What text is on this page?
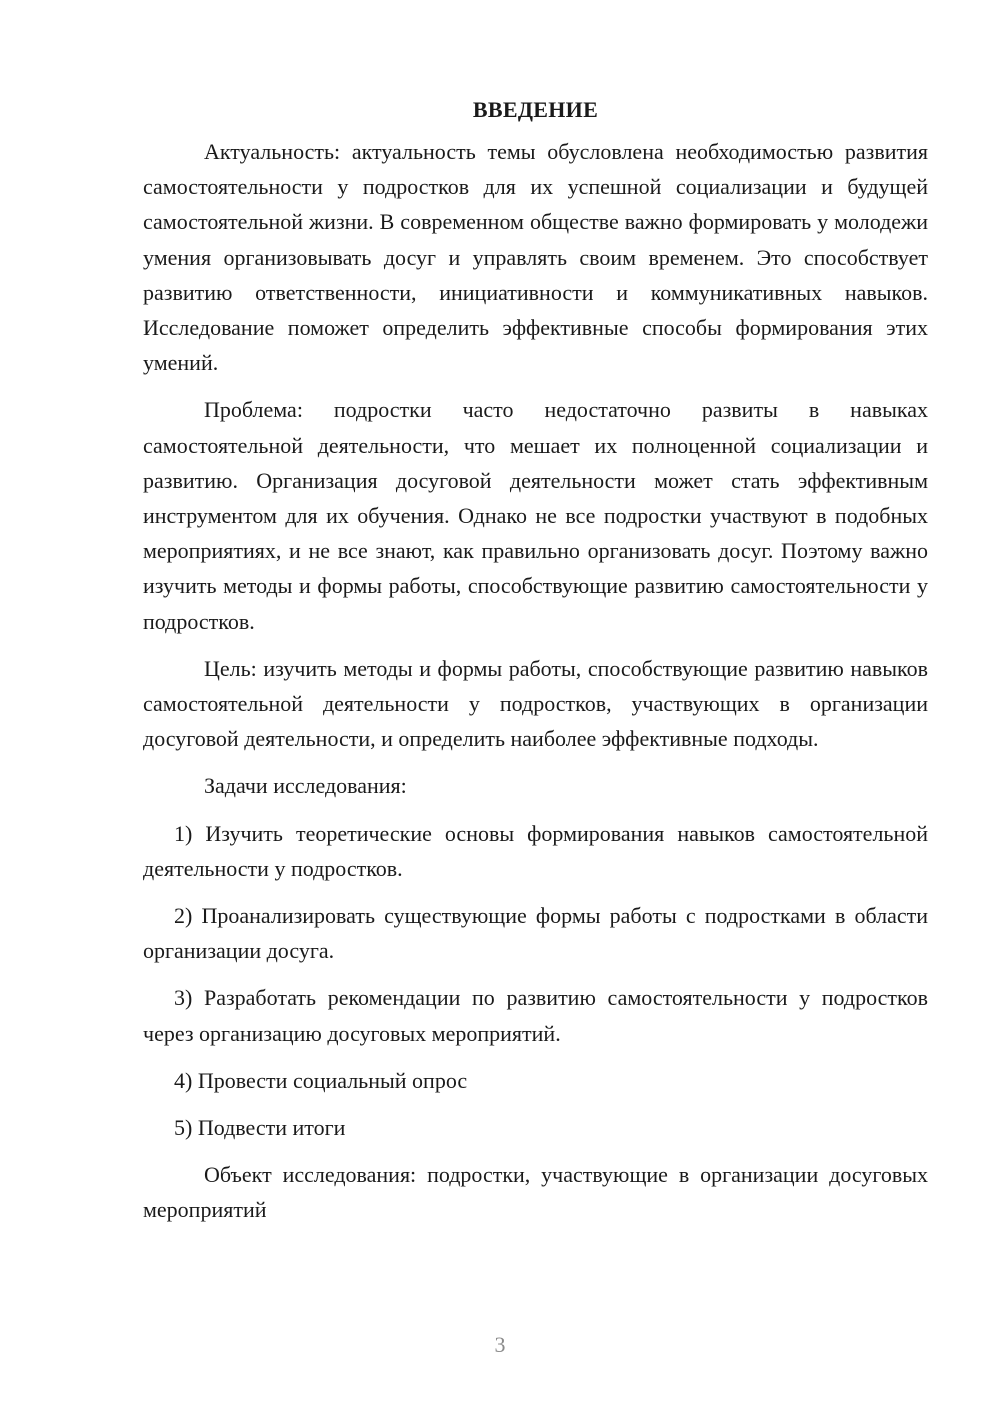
ВВЕДЕНИЕ

Актуальность: актуальность темы обусловлена необходимостью развития самостоятельности у подростков для их успешной социализации и будущей самостоятельной жизни. В современном обществе важно формировать у молодежи умения организовывать досуг и управлять своим временем. Это способствует развитию ответственности, инициативности и коммуникативных навыков. Исследование поможет определить эффективные способы формирования этих умений.

Проблема: подростки часто недостаточно развиты в навыках самостоятельной деятельности, что мешает их полноценной социализации и развитию. Организация досуговой деятельности может стать эффективным инструментом для их обучения. Однако не все подростки участвуют в подобных мероприятиях, и не все знают, как правильно организовать досуг. Поэтому важно изучить методы и формы работы, способствующие развитию самостоятельности у подростков.

Цель: изучить методы и формы работы, способствующие развитию навыков самостоятельной деятельности у подростков, участвующих в организации досуговой деятельности, и определить наиболее эффективные подходы.

Задачи исследования:

1) Изучить теоретические основы формирования навыков самостоятельной деятельности у подростков.

2) Проанализировать существующие формы работы с подростками в области организации досуга.

3) Разработать рекомендации по развитию самостоятельности у подростков через организацию досуговых мероприятий.

4) Провести социальный опрос

5) Подвести итоги

Объект исследования: подростки, участвующие в организации досуговых мероприятий

3
